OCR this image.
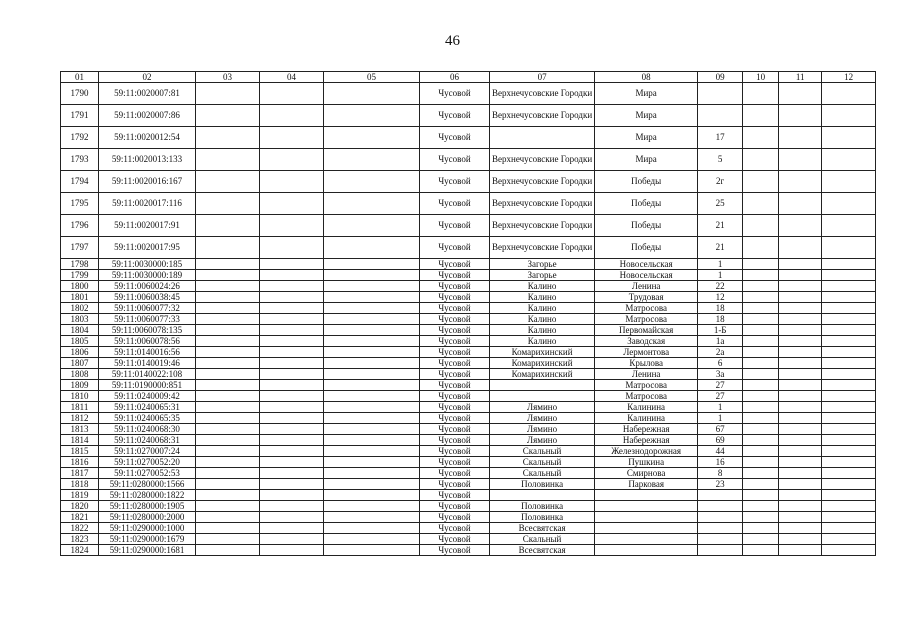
46
01	02	03	04	05	06	07	08	09	10	11	12
1790	59:11:0020007:81				Чусовой	Верхнечусовские Городки	Мира				
1791	59:11:0020007:86				Чусовой	Верхнечусовские Городки	Мира				
1792	59:11:0020012:54				Чусовой		Мира	17			
1793	59:11:0020013:133				Чусовой	Верхнечусовские Городки	Мира	5			
1794	59:11:0020016:167				Чусовой	Верхнечусовские Городки	Победы	2г			
1795	59:11:0020017:116				Чусовой	Верхнечусовские Городки	Победы	25			
1796	59:11:0020017:91				Чусовой	Верхнечусовские Городки	Победы	21			
1797	59:11:0020017:95				Чусовой	Верхнечусовские Городки	Победы	21			
1798	59:11:0030000:185				Чусовой	Загорье	Новосельская	1			
1799	59:11:0030000:189				Чусовой	Загорье	Новосельская	1			
1800	59:11:0060024:26				Чусовой	Калино	Ленина	22			
1801	59:11:0060038:45				Чусовой	Калино	Трудовая	12			
1802	59:11:0060077:32				Чусовой	Калино	Матросова	18			
1803	59:11:0060077:33				Чусовой	Калино	Матросова	18			
1804	59:11:0060078:135				Чусовой	Калино	Первомайская	1-Б			
1805	59:11:0060078:56				Чусовой	Калино	Заводская	1а			
1806	59:11:0140016:56				Чусовой	Комарихинский	Лермонтова	2а			
1807	59:11:0140019:46				Чусовой	Комарихинский	Крылова	6			
1808	59:11:0140022:108				Чусовой	Комарихинский	Ленина	3а			
1809	59:11:0190000:851				Чусовой		Матросова	27			
1810	59:11:0240009:42				Чусовой		Матросова	27			
1811	59:11:0240065:31				Чусовой	Лямино	Калинина	1			
1812	59:11:0240065:35				Чусовой	Лямино	Калинина	1			
1813	59:11:0240068:30				Чусовой	Лямино	Набережная	67			
1814	59:11:0240068:31				Чусовой	Лямино	Набережная	69			
1815	59:11:0270007:24				Чусовой	Скальный	Железнодорожная	44			
1816	59:11:0270052:20				Чусовой	Скальный	Пушкина	16			
1817	59:11:0270052:53				Чусовой	Скальный	Смирнова	8			
1818	59:11:0280000:1566				Чусовой	Половинка	Парковая	23			
1819	59:11:0280000:1822				Чусовой						
1820	59:11:0280000:1905				Чусовой	Половинка					
1821	59:11:0280000:2000				Чусовой	Половинка					
1822	59:11:0290000:1000				Чусовой	Всесвятская					
1823	59:11:0290000:1679				Чусовой	Скальный					
1824	59:11:0290000:1681				Чусовой	Всесвятская					
